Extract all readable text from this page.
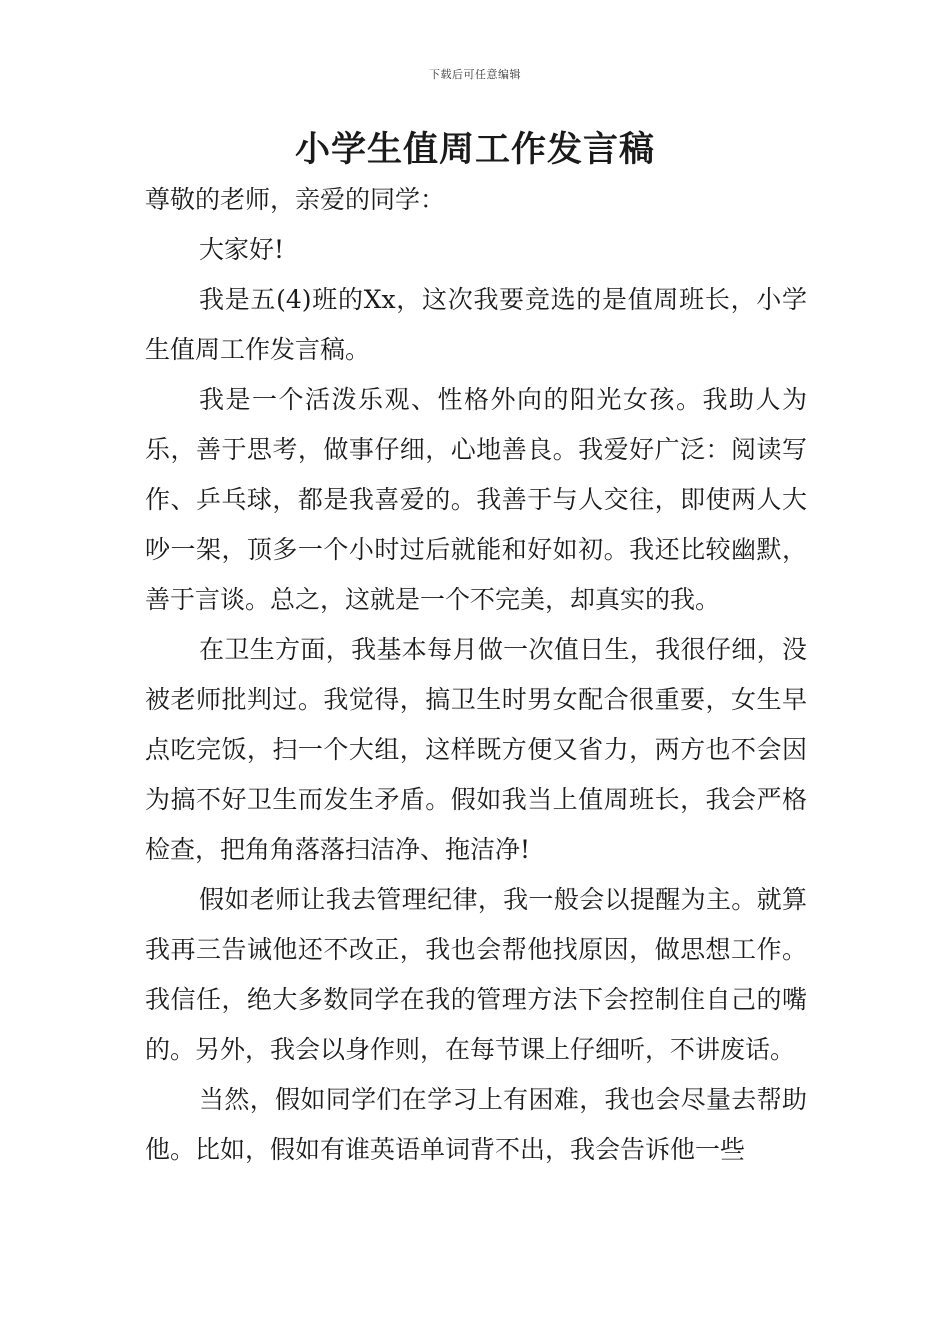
下载后可任意编辑
小学生值周工作发言稿

尊敬的老师，亲爱的同学：

大家好!

我是五(4)班的Xx，这次我要竞选的是值周班长，小学生值周工作发言稿。

我是一个活泼乐观、性格外向的阳光女孩。我助人为乐，善于思考，做事仔细，心地善良。我爱好广泛：阅读写作、乒乓球，都是我喜爱的。我善于与人交往，即使两人大吵一架，顶多一个小时过后就能和好如初。我还比较幽默，善于言谈。总之，这就是一个不完美，却真实的我。

在卫生方面，我基本每月做一次值日生，我很仔细，没被老师批判过。我觉得，搞卫生时男女配合很重要，女生早点吃完饭，扫一个大组，这样既方便又省力，两方也不会因为搞不好卫生而发生矛盾。假如我当上值周班长，我会严格检查，把角角落落扫洁净、拖洁净!

假如老师让我去管理纪律，我一般会以提醒为主。就算我再三告诫他还不改正，我也会帮他找原因，做思想工作。我信任，绝大多数同学在我的管理方法下会控制住自己的嘴的。另外，我会以身作则，在每节课上仔细听，不讲废话。

当然，假如同学们在学习上有困难，我也会尽量去帮助他。比如，假如有谁英语单词背不出，我会告诉他一些
